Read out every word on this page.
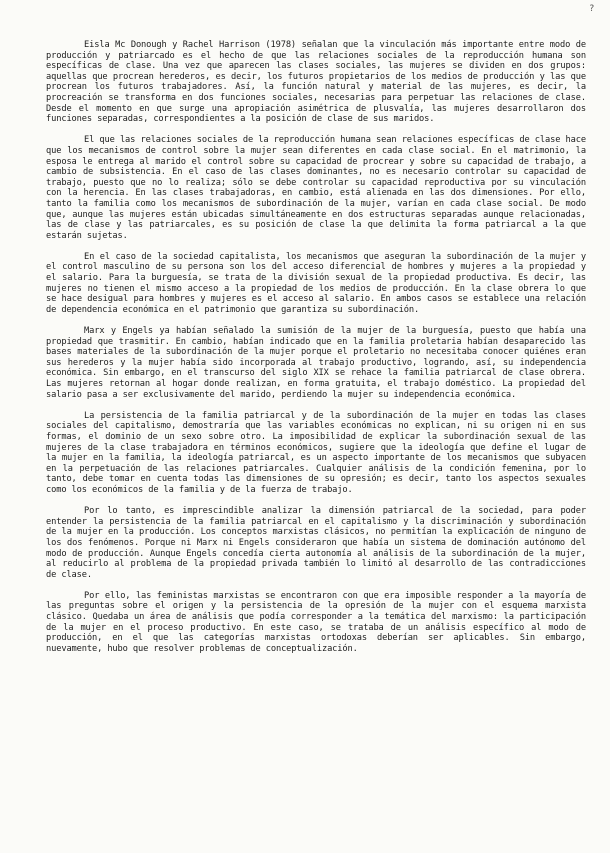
?

Eisla Mc Donough y Rachel Harrison (1978) señalan que la vinculación más importante entre modo de producción y patriarcado es el hecho de que las relaciones sociales de la reproducción humana son específicas de clase. Una vez que aparecen las clases sociales, las mujeres se dividen en dos grupos: aquellas que procrean herederos, es decir, los futuros propietarios de los medios de producción y las que procrean los futuros trabajadores. Así, la función natural y material de las mujeres, es decir, la procreación se transforma en dos funciones sociales, necesarias para perpetuar las relaciones de clase. Desde el momento en que surge una apropiación asimétrica de plusvalía, las mujeres desarrollaron dos funciones separadas, correspondientes a la posición de clase de sus maridos.

El que las relaciones sociales de la reproducción humana sean relaciones específicas de clase hace que los mecanismos de control sobre la mujer sean diferentes en cada clase social. En el matrimonio, la esposa le entrega al marido el control sobre su capacidad de procrear y sobre su capacidad de trabajo, a cambio de subsistencia. En el caso de las clases dominantes, no es necesario controlar su capacidad de trabajo, puesto que no lo realiza; sólo se debe controlar su capacidad reproductiva por su vinculación con la herencia. En las clases trabajadoras, en cambio, está alienada en las dos dimensiones. Por ello, tanto la familia como los mecanismos de subordinación de la mujer, varían en cada clase social. De modo que, aunque las mujeres están ubicadas simultáneamente en dos estructuras separadas aunque relacionadas, las de clase y las patriarcales, es su posición de clase la que delimita la forma patriarcal a la que estarán sujetas.

En el caso de la sociedad capitalista, los mecanismos que aseguran la subordinación de la mujer y el control masculino de su persona son los del acceso diferencial de hombres y mujeres a la propiedad y el salario. Para la burguesía, se trata de la división sexual de la propiedad productiva. Es decir, las mujeres no tienen el mismo acceso a la propiedad de los medios de producción. En la clase obrera lo que se hace desigual para hombres y mujeres es el acceso al salario. En ambos casos se establece una relación de dependencia económica en el patrimonio que garantiza su subordinación.

Marx y Engels ya habían señalado la sumisión de la mujer de la burguesía, puesto que había una propiedad que trasmitir. En cambio, habían indicado que en la familia proletaria habían desaparecido las bases materiales de la subordinación de la mujer porque el proletario no necesitaba conocer quiénes eran sus herederos y la mujer había sido incorporada al trabajo productivo, logrando, así, su independencia económica. Sin embargo, en el transcurso del siglo XIX se rehace la familia patriarcal de clase obrera. Las mujeres retornan al hogar donde realizan, en forma gratuita, el trabajo doméstico. La propiedad del salario pasa a ser exclusivamente del marido, perdiendo la mujer su independencia económica.

La persistencia de la familia patriarcal y de la subordinación de la mujer en todas las clases sociales del capitalismo, demostraría que las variables económicas no explican, ni su origen ni en sus formas, el dominio de un sexo sobre otro. La imposibilidad de explicar la subordinación sexual de las mujeres de la clase trabajadora en términos económicos, sugiere que la ideología que define el lugar de la mujer en la familia, la ideología patriarcal, es un aspecto importante de los mecanismos que subyacen en la perpetuación de las relaciones patriarcales. Cualquier análisis de la condición femenina, por lo tanto, debe tomar en cuenta todas las dimensiones de su opresión; es decir, tanto los aspectos sexuales como los económicos de la familia y de la fuerza de trabajo.

Por lo tanto, es imprescindible analizar la dimensión patriarcal de la sociedad, para poder entender la persistencia de la familia patriarcal en el capitalismo y la discriminación y subordinación de la mujer en la producción. Los conceptos marxistas clásicos, no permitían la explicación de ninguno de los dos fenómenos. Porque ni Marx ni Engels consideraron que había un sistema de dominación autónomo del modo de producción. Aunque Engels concedía cierta autonomía al análisis de la subordinación de la mujer, al reducirlo al problema de la propiedad privada también lo limitó al desarrollo de las contradicciones de clase.

Por ello, las feministas marxistas se encontraron con que era imposible responder a la mayoría de las preguntas sobre el origen y la persistencia de la opresión de la mujer con el esquema marxista clásico. Quedaba un área de análisis que podía corresponder a la temática del marxismo: la participación de la mujer en el proceso productivo. En este caso, se trataba de un análisis específico al modo de producción, en el que las categorías marxistas ortodoxas deberían ser aplicables. Sin embargo, nuevamente, hubo que resolver problemas de conceptualización.
